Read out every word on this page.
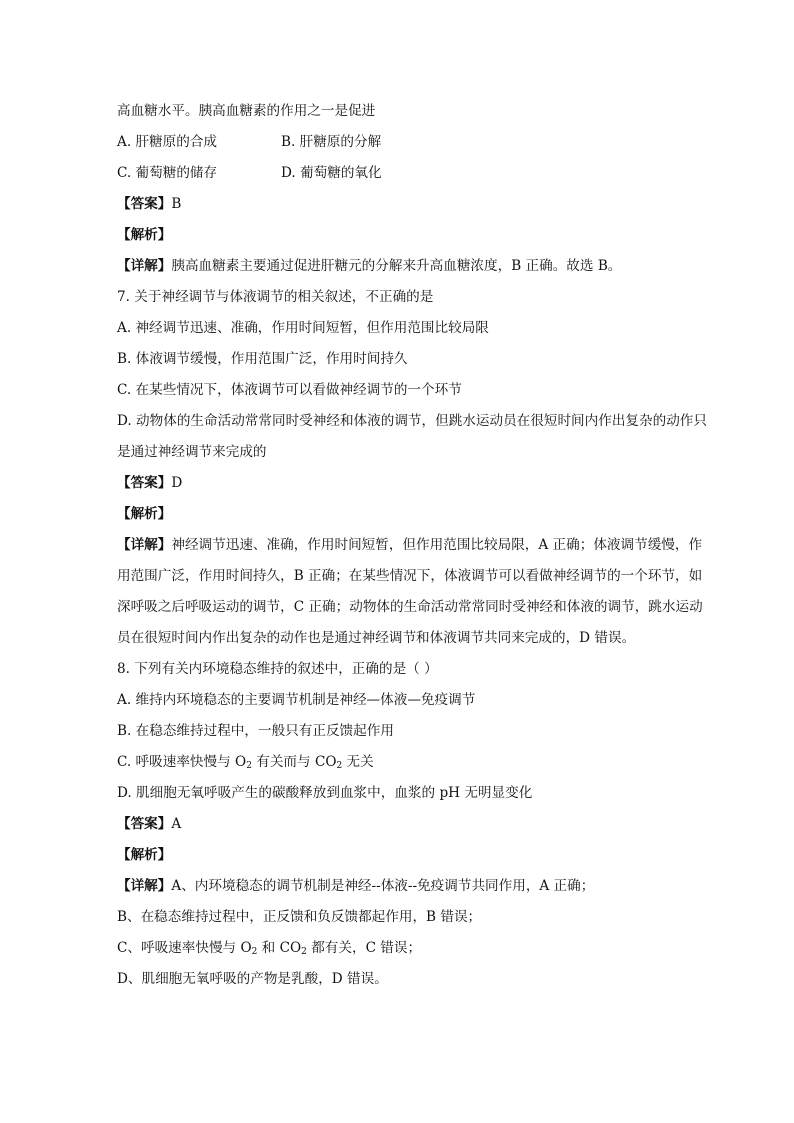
高血糖水平。胰高血糖素的作用之一是促进
A. 肝糖原的合成	B. 肝糖原的分解
C. 葡萄糖的储存	D. 葡萄糖的氧化
【答案】B
【解析】
【详解】胰高血糖素主要通过促进肝糖元的分解来升高血糖浓度，B 正确。故选 B。
7. 关于神经调节与体液调节的相关叙述，不正确的是
A. 神经调节迅速、准确，作用时间短暂，但作用范围比较局限
B. 体液调节缓慢，作用范围广泛，作用时间持久
C. 在某些情况下，体液调节可以看做神经调节的一个环节
D. 动物体的生命活动常常同时受神经和体液的调节，但跳水运动员在很短时间内作出复杂的动作只是通过神经调节来完成的
【答案】D
【解析】
【详解】神经调节迅速、准确，作用时间短暂，但作用范围比较局限，A 正确；体液调节缓慢，作用范围广泛，作用时间持久，B 正确；在某些情况下，体液调节可以看做神经调节的一个环节，如深呼吸之后呼吸运动的调节，C 正确；动物体的生命活动常常同时受神经和体液的调节，跳水运动员在很短时间内作出复杂的动作也是通过神经调节和体液调节共同来完成的，D 错误。
8. 下列有关内环境稳态维持的叙述中，正确的是（ ）
A. 维持内环境稳态的主要调节机制是神经—体液—免疫调节
B. 在稳态维持过程中，一般只有正反馈起作用
C. 呼吸速率快慢与 $O_2$ 有关而与 $CO_2$ 无关
D. 肌细胞无氧呼吸产生的碳酸释放到血浆中，血浆的 pH 无明显变化
【答案】A
【解析】
【详解】A、内环境稳态的调节机制是神经--体液--免疫调节共同作用，A 正确；
B、在稳态维持过程中，正反馈和负反馈都起作用，B 错误；
C、呼吸速率快慢与 $O_2$ 和 $CO_2$ 都有关，C 错误；
D、肌细胞无氧呼吸的产物是乳酸，D 错误。
